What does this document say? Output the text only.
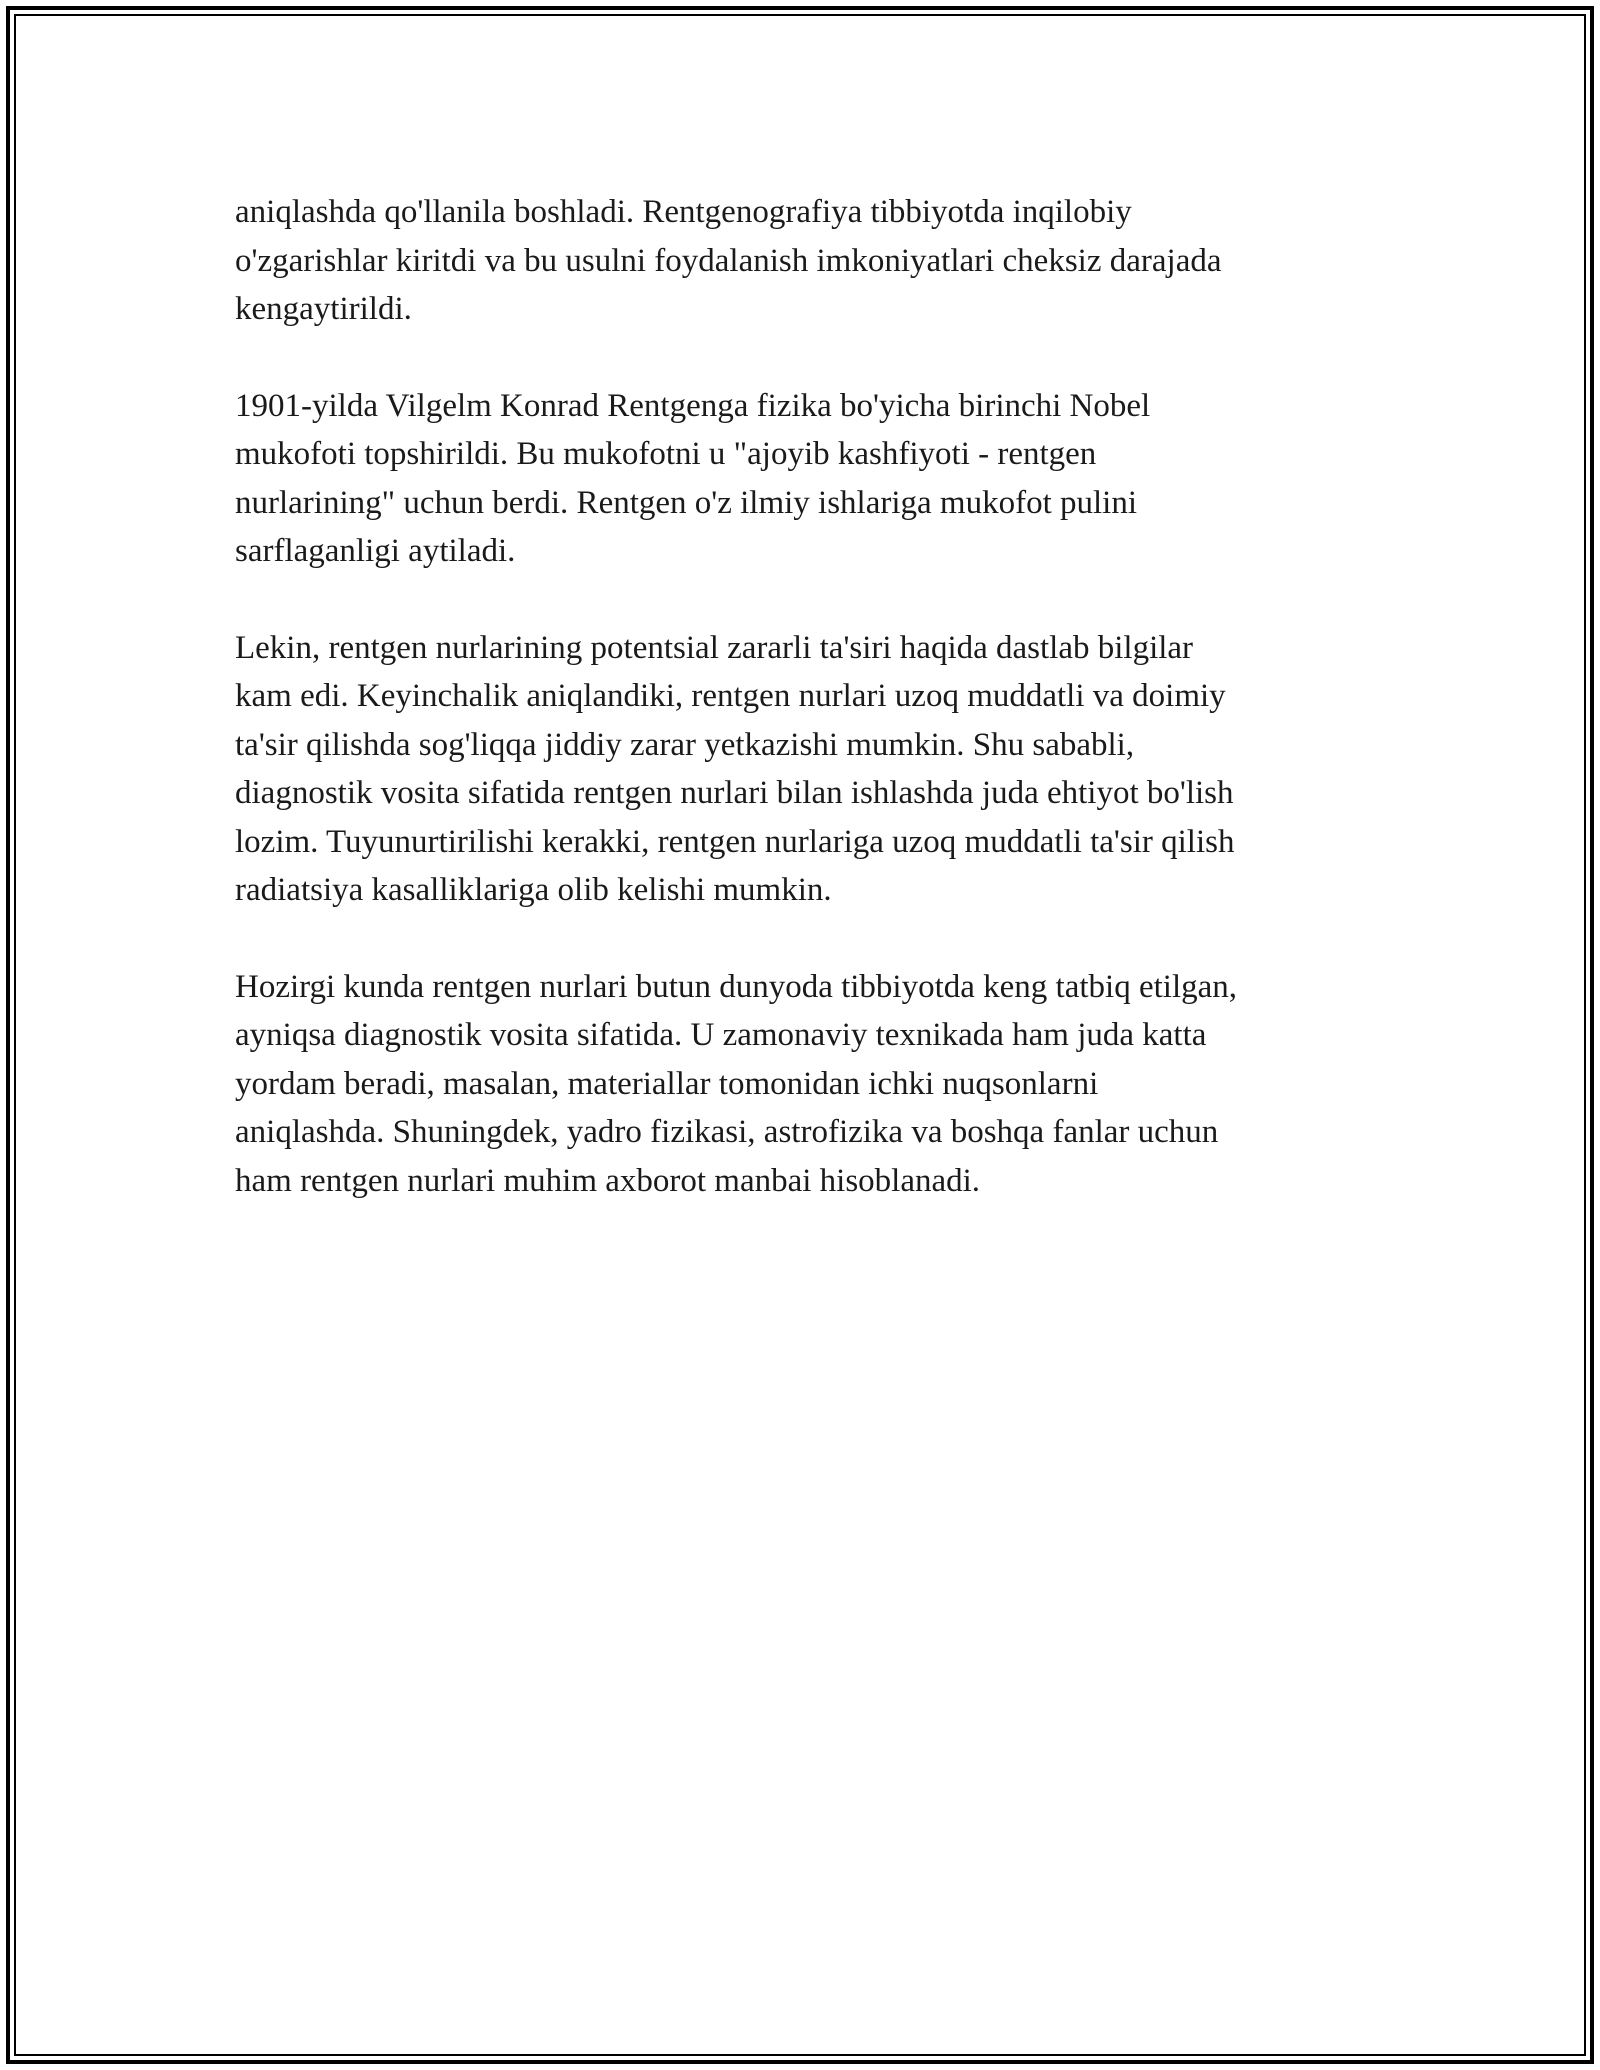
aniqlashda qo'llanila boshladi. Rentgenografiya tibbiyotda inqilobiy
o'zgarishlar kiritdi va bu usulni foydalanish imkoniyatlari cheksiz darajada
kengaytirildi.

1901-yilda Vilgelm Konrad Rentgenga fizika bo'yicha birinchi Nobel
mukofoti topshirildi. Bu mukofotni u "ajoyib kashfiyoti - rentgen
nurlarining" uchun berdi. Rentgen o'z ilmiy ishlariga mukofot pulini
sarflaganligi aytiladi.

Lekin, rentgen nurlarining potentsial zararli ta'siri haqida dastlab bilgilar
kam edi. Keyinchalik aniqlandiki, rentgen nurlari uzoq muddatli va doimiy
ta'sir qilishda sog'liqqa jiddiy zarar yetkazishi mumkin. Shu sababli,
diagnostik vosita sifatida rentgen nurlari bilan ishlashda juda ehtiyot bo'lish
lozim. Tuyunurtirilishi kerakki, rentgen nurlariga uzoq muddatli ta'sir qilish
radiatsiya kasalliklariga olib kelishi mumkin.

Hozirgi kunda rentgen nurlari butun dunyoda tibbiyotda keng tatbiq etilgan,
ayniqsa diagnostik vosita sifatida. U zamonaviy texnikada ham juda katta
yordam beradi, masalan, materiallar tomonidan ichki nuqsonlarni
aniqlashda. Shuningdek, yadro fizikasi, astrofizika va boshqa fanlar uchun
ham rentgen nurlari muhim axborot manbai hisoblanadi.
